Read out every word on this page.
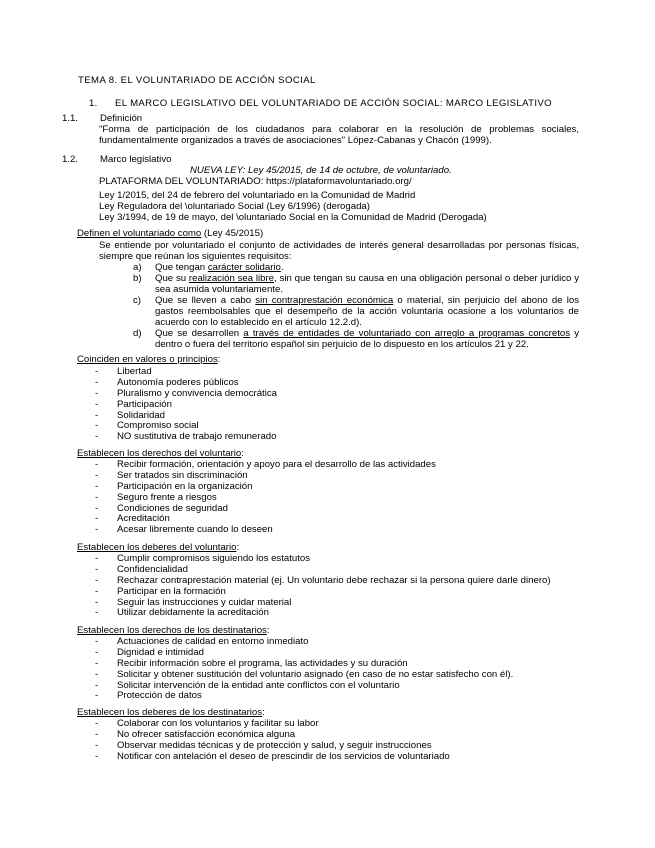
TEMA 8. EL VOLUNTARIADO DE ACCIÓN SOCIAL
1. EL MARCO LEGISLATIVO DEL VOLUNTARIADO DE ACCIÓN SOCIAL: MARCO LEGISLATIVO
1.1.	Definición
"Forma de participación de los ciudadanos para colaborar en la resolución de problemas sociales, fundamentalmente organizados a través de asociaciones" López-Cabanas y Chacón (1999).
1.2.	Marco legislativo
NUEVA LEY: Ley 45/2015, de 14 de octubre, de voluntariado.
PLATAFORMA DEL VOLUNTARIADO: https://plataformavoluntariado.org/
Ley 1/2015, del 24 de febrero del voluntariado en la Comunidad de Madrid
Ley Reguladora del \oluntariado Social (Ley 6/1996) (derogada)
Ley 3/1994, de 19 de mayo, del \oluntariado Social en la Comunidad de Madrid (Derogada)
Definen el voluntariado como (Ley 45/2015)
Se entiende por voluntariado el conjunto de actividades de interés general desarrolladas por personas físicas, siempre que reúnan los siguientes requisitos:
a)	Que tengan carácter solidario.
b)	Que su realización sea libre, sin que tengan su causa en una obligación personal o deber jurídico y sea asumida voluntariamente.
c)	Que se lleven a cabo sin contraprestación económica o material, sin perjuicio del abono de los gastos reembolsables que el desempeño de la acción voluntaria ocasione a los voluntarios de acuerdo con lo establecido en el artículo 12.2.d).
d)	Que se desarrollen a través de entidades de voluntariado con arreglo a programas concretos y dentro o fuera del territorio español sin perjuicio de lo dispuesto en los artículos 21 y 22.
Coinciden en valores o principios:
- Libertad
- Autonomía poderes públicos
- Pluralismo y convivencia democrática
- Participación
- Solidaridad
- Compromiso social
- NO sustitutiva de trabajo remunerado
Establecen los derechos del voluntario:
- Recibir formación, orientación y apoyo para el desarrollo de las actividades
- Ser tratados sin discriminación
- Participación en la organización
- Seguro frente a riesgos
- Condiciones de seguridad
- Acreditación
- Acesar libremente cuando lo deseen
Establecen los deberes del voluntario:
- Cumplir compromisos siguiendo los estatutos
- Confidencialidad
- Rechazar contraprestación material (ej. Un voluntario debe rechazar si la persona quiere darle dinero)
- Participar en la formación
- Seguir las instrucciones y cuidar material
- Utilizar debidamente la acreditación
Establecen los derechos de los destinatarios:
- Actuaciones de calidad en entorno inmediato
- Dignidad e intimidad
- Recibir información sobre el programa, las actividades y su duración
- Solicitar y obtener sustitución del voluntario asignado (en caso de no estar satisfecho con él).
- Solicitar intervención de la entidad ante conflictos con el voluntario
- Protección de datos
Establecen los deberes de los destinatarios:
- Colaborar con los voluntarios y facilitar su labor
- No ofrecer satisfacción económica alguna
- Observar medidas técnicas y de protección y salud, y seguir instrucciones
- Notificar con antelación el deseo de prescindir de los servicios de voluntariado
